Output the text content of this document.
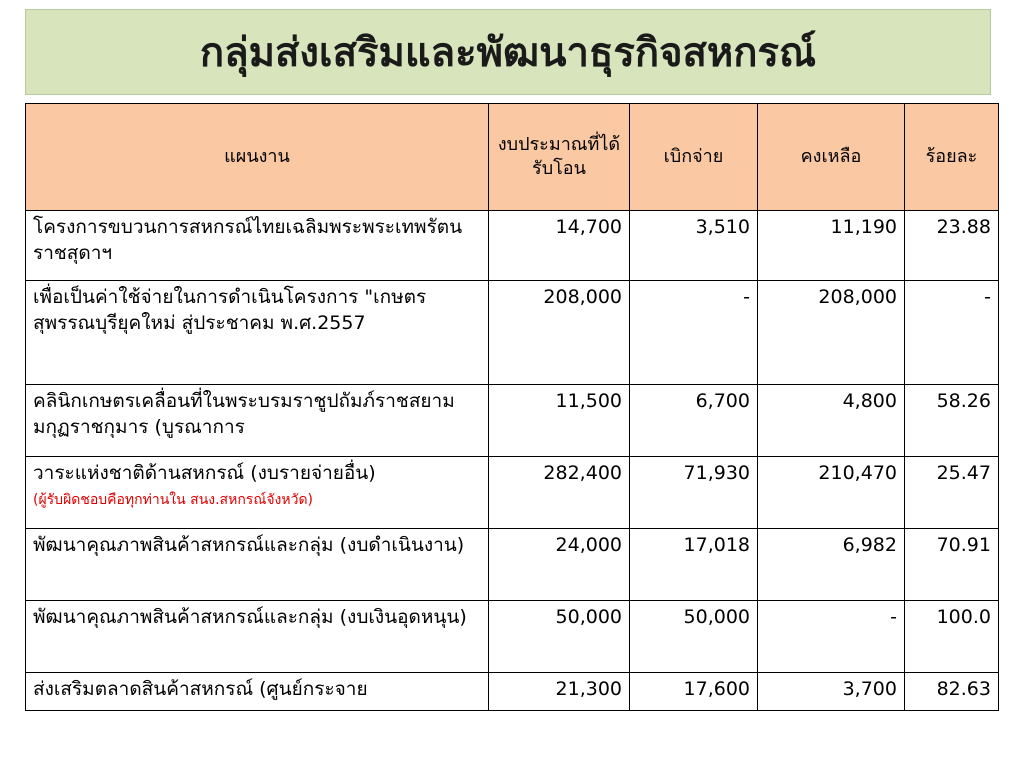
กลุ่มส่งเสริมและพัฒนาธุรกิจสหกรณ์
แผนงาน	งบประมาณที่ได้รับโอน	เบิกจ่าย	คงเหลือ	ร้อยละ
โครงการขบวนการสหกรณ์ไทยเฉลิมพระพระเทพรัตนราชสุดาฯ	14,700	3,510	11,190	23.88
เพื่อเป็นค่าใช้จ่ายในการดำเนินโครงการ "เกษตรสุพรรณบุรียุคใหม่ สู่ประชาคม พ.ศ.2557	208,000	-	208,000	-
คลินิกเกษตรเคลื่อนที่ในพระบรมราชูปถัมภ์ราชสยามมกุฏราชกุมาร (บูรณาการ	11,500	6,700	4,800	58.26
วาระแห่งชาติด้านสหกรณ์ (งบรายจ่ายอื่น)
(ผู้รับผิดชอบคือทุกท่านใน สนง.สหกรณ์จังหวัด)	282,400	71,930	210,470	25.47
พัฒนาคุณภาพสินค้าสหกรณ์และกลุ่ม (งบดำเนินงาน)	24,000	17,018	6,982	70.91
พัฒนาคุณภาพสินค้าสหกรณ์และกลุ่ม (งบเงินอุดหนุน)	50,000	50,000	-	100.0
ส่งเสริมตลาดสินค้าสหกรณ์ (ศูนย์กระจาย	21,300	17,600	3,700	82.63
